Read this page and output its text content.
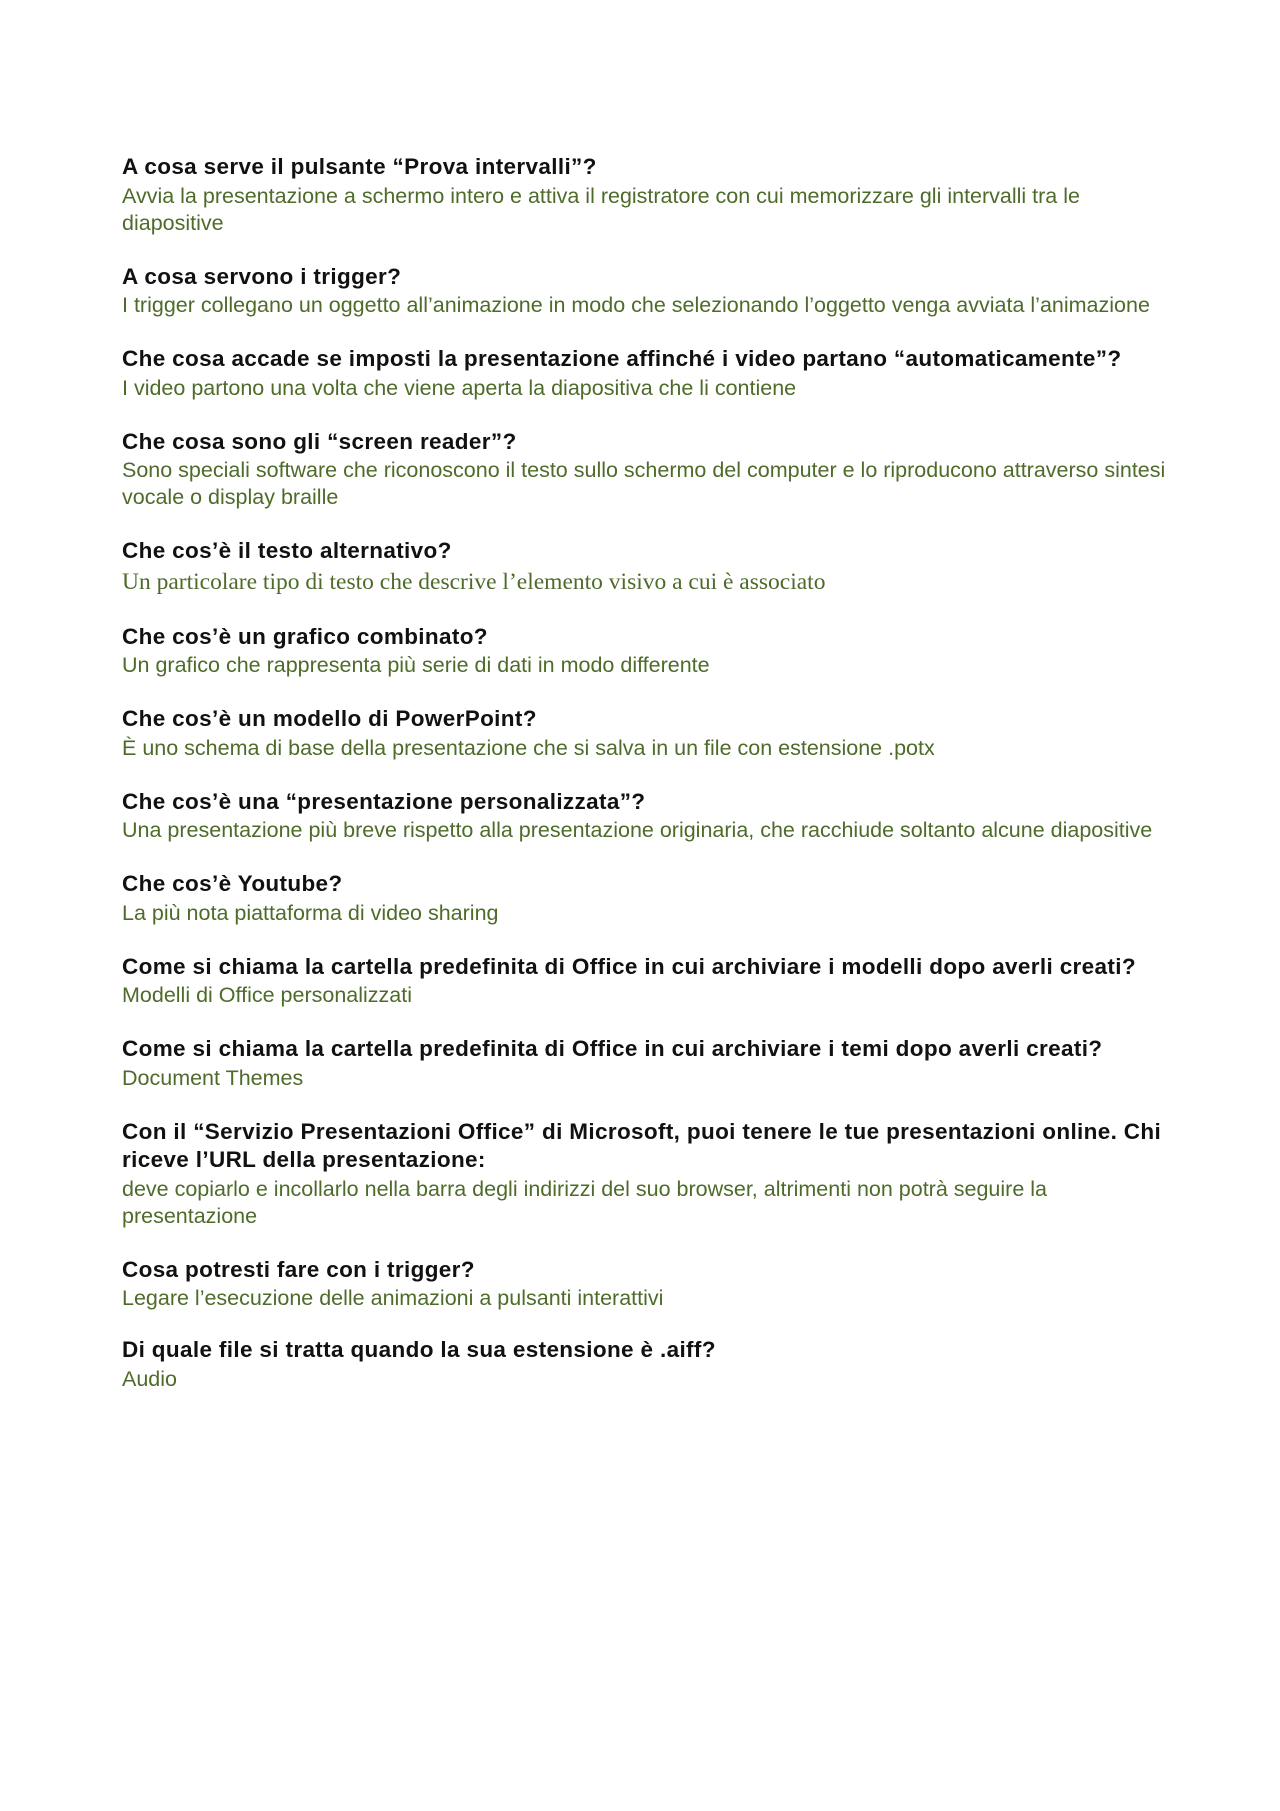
A cosa serve il pulsante “Prova intervalli”?
Avvia la presentazione a schermo intero e attiva il registratore con cui memorizzare gli intervalli tra le diapositive
A cosa servono i trigger?
I trigger collegano un oggetto all’animazione in modo che selezionando l’oggetto venga avviata l’animazione
Che cosa accade se imposti la presentazione affinché i video partano “automaticamente”?
I video partono una volta che viene aperta la diapositiva che li contiene
Che cosa sono gli “screen reader”?
Sono speciali software che riconoscono il testo sullo schermo del computer e lo riproducono attraverso sintesi vocale o display braille
Che cos’è il testo alternativo?
Un particolare tipo di testo che descrive l’elemento visivo a cui è associato
Che cos’è un grafico combinato?
Un grafico che rappresenta più serie di dati in modo differente
Che cos’è un modello di PowerPoint?
È uno schema di base della presentazione che si salva in un file con estensione .potx
Che cos’è una “presentazione personalizzata”?
Una presentazione più breve rispetto alla presentazione originaria, che racchiude soltanto alcune diapositive
Che cos’è Youtube?
La più nota piattaforma di video sharing
Come si chiama la cartella predefinita di Office in cui archiviare i modelli dopo averli creati?
Modelli di Office personalizzati
Come si chiama la cartella predefinita di Office in cui archiviare i temi dopo averli creati?
Document Themes
Con il “Servizio Presentazioni Office” di Microsoft, puoi tenere le tue presentazioni online. Chi riceve l’URL della presentazione:
deve copiarlo e incollarlo nella barra degli indirizzi del suo browser, altrimenti non potrà seguire la presentazione
Cosa potresti fare con i trigger?
Legare l’esecuzione delle animazioni a pulsanti interattivi
Di quale file si tratta quando la sua estensione è .aiff?
Audio
